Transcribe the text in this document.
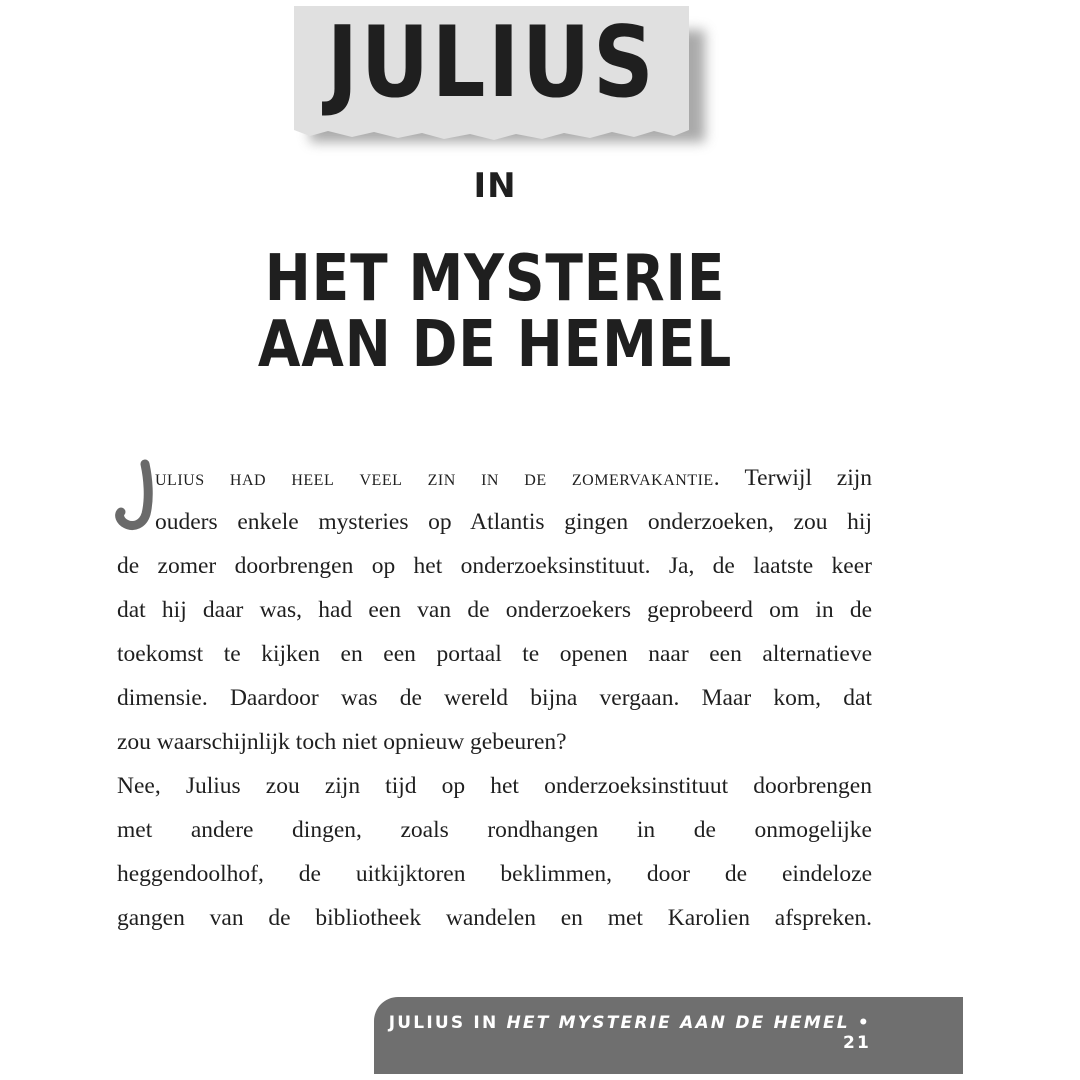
JULIUS
IN
HET MYSTERIE
AAN DE HEMEL
ulius had heel veel zin in de zomervakantie. Terwijl zijn
ouders enkele mysteries op Atlantis gingen onderzoeken, zou hij
de zomer doorbrengen op het onderzoeksinstituut. Ja, de laatste keer
dat hij daar was, had een van de onderzoekers geprobeerd om in de
toekomst te kijken en een portaal te openen naar een alternatieve
dimensie. Daardoor was de wereld bijna vergaan. Maar kom, dat
zou waarschijnlijk toch niet opnieuw gebeuren?
Nee, Julius zou zijn tijd op het onderzoeksinstituut doorbrengen
met andere dingen, zoals rondhangen in de onmogelijke
heggendoolhof, de uitkijktoren beklimmen, door de eindeloze
gangen van de bibliotheek wandelen en met Karolien afspreken.
JULIUS IN HET MYSTERIE AAN DE HEMEL • 21
